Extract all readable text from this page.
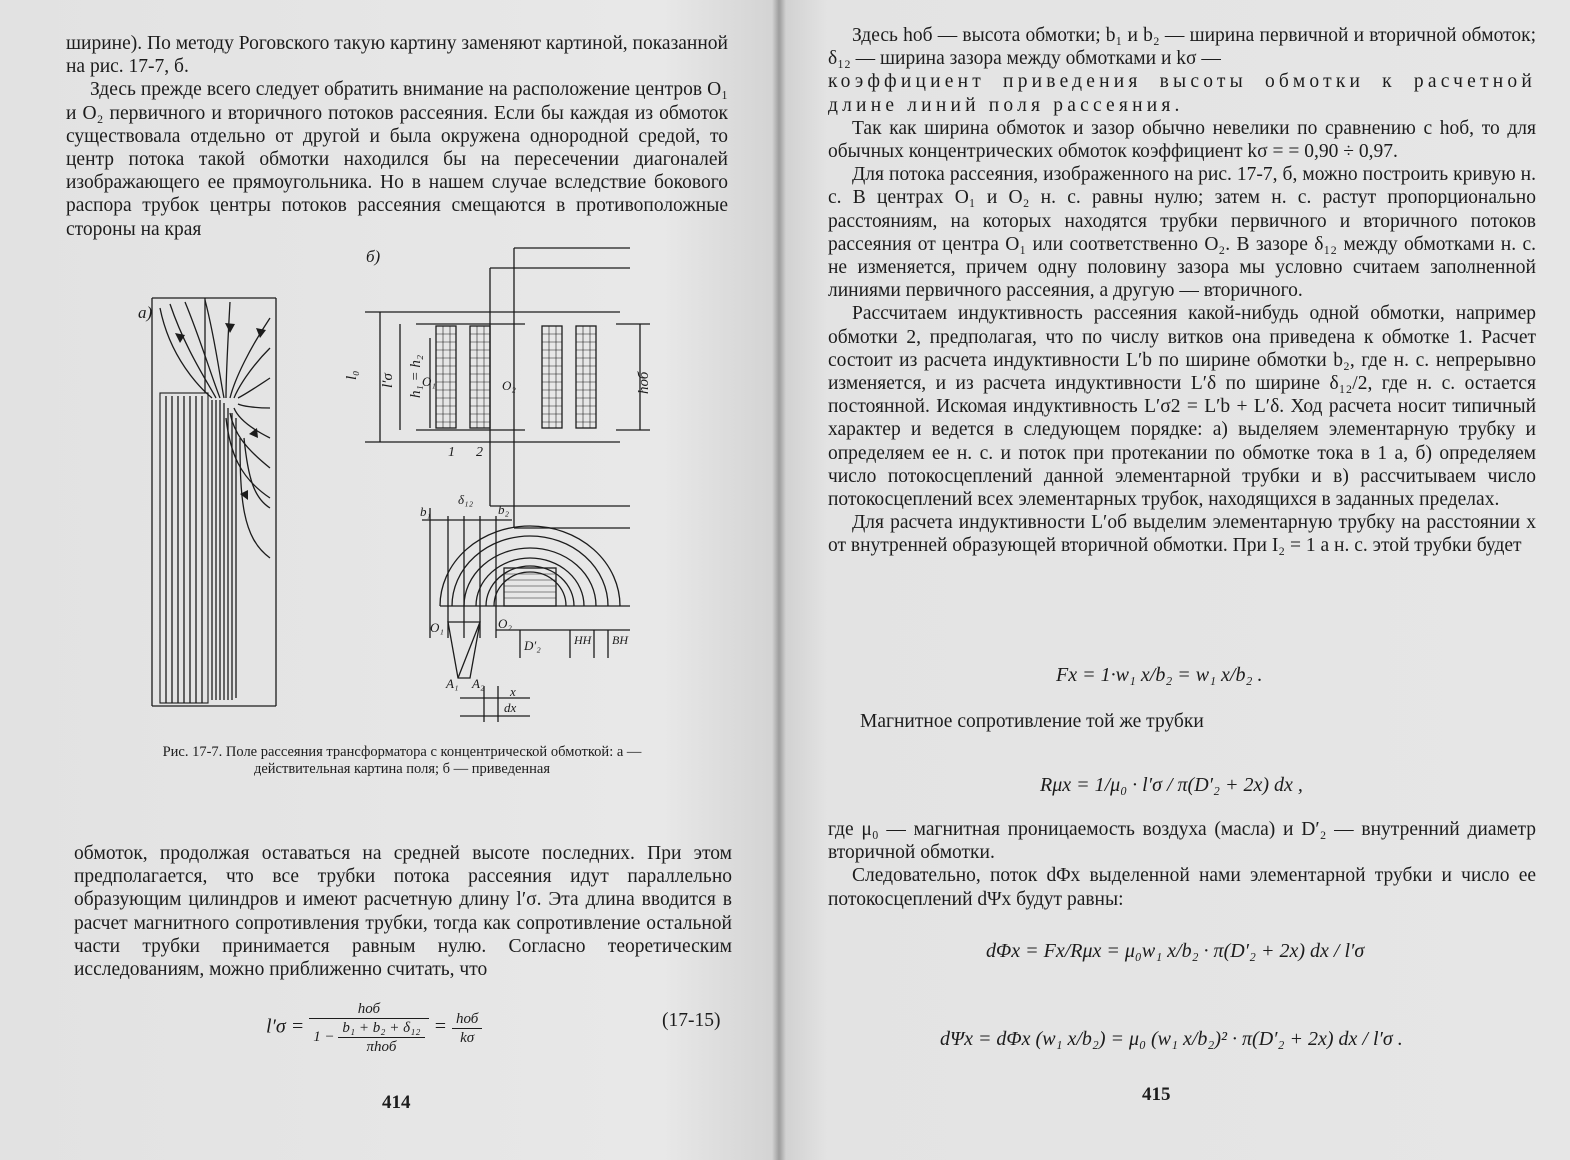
ширине). По методу Роговского такую картину заменяют картиной, показанной на рис. 17-7, б.

Здесь прежде всего следует обратить внимание на расположение центров O₁ и O₂ первичного и вторичного потоков рассеяния. Если бы каждая из обмоток существовала отдельно от другой и была окружена однородной средой, то центр потока такой обмотки находился бы на пересечении диагоналей изображающего ее прямоугольника. Но в нашем случае вследствие бокового распора трубок центры потоков рассеяния смещаются в противоположные стороны на края

а)
б)
l₀ l′σ h₁ = h₂	hоб
O₁	O₂
1 2
b₁
δ₁₂
b₂
O₁	O₂
D′₂	НН ВН
A₁ A₂
x
dx
Рис. 17-7. Поле рассеяния трансформатора с концентрической обмоткой: а — действительная картина поля; б — приведенная

обмоток, продолжая оставаться на средней высоте последних. При этом предполагается, что все трубки потока рассеяния идут параллельно образующим цилиндров и имеют расчетную длину l′σ. Эта длина вводится в расчет магнитного сопротивления трубки, тогда как сопротивление остальной части трубки принимается равным нулю. Согласно теоретическим исследованиям, можно приближенно считать, что

$l'\sigma = \frac{\text{hоб}}{1 - \frac{\text{b₁ + b₂ + δ₁₂}}{\text{πhоб}}} = \frac{\text{hоб}}{k\sigma}$	(17-15)
414

Здесь hоб — высота обмотки; b₁ и b₂ — ширина первичной и вторичной обмоток; δ₁₂ — ширина зазора между обмотками и kσ —

коэффициент приведения высоты обмотки к расчетной длине линий поля рассеяния.

Так как ширина обмоток и зазор обычно невелики по сравнению с hоб, то для обычных концентрических обмоток коэффициент kσ = = 0,90 ÷ 0,97.

Для потока рассеяния, изображенного на рис. 17-7, б, можно построить кривую н. с. В центрах O₁ и O₂ н. с. равны нулю; затем н. с. растут пропорционально расстояниям, на которых находятся трубки первичного и вторичного потоков рассеяния от центра O₁ или соответственно O₂. В зазоре δ₁₂ между обмотками н. с. не изменяется, причем одну половину зазора мы условно считаем заполненной линиями первичного рассеяния, а другую — вторичного.

Рассчитаем индуктивность рассеяния какой-нибудь одной обмотки, например обмотки 2, предполагая, что по числу витков она приведена к обмотке 1. Расчет состоит из расчета индуктивности L′b по ширине обмотки b₂, где н. с. непрерывно изменяется, и из расчета индуктивности L′δ по ширине δ₁₂/2, где н. с. остается постоянной. Искомая индуктивность L′σ2 = L′b + L′δ. Ход расчета носит типичный характер и ведется в следующем порядке: а) выделяем элементарную трубку и определяем ее н. с. и поток при протекании по обмотке тока в 1 а, б) определяем число потокосцеплений данной элементарной трубки и в) рассчитываем число потокосцеплений всех элементарных трубок, находящихся в заданных пределах.

Для расчета индуктивности L′об выделим элементарную трубку на расстоянии x от внутренней образующей вторичной обмотки. При I₂ = 1 а н. с. этой трубки будет

Fx = 1·w₁ x/b₂ = w₁ x/b₂ .

Магнитное сопротивление той же трубки

Rμx = 1/μ₀ · l′σ / π(D′₂ + 2x) dx ,

где μ₀ — магнитная проницаемость воздуха (масла) и D′₂ — внутренний диаметр вторичной обмотки.

Следовательно, поток dΦx выделенной нами элементарной трубки и число ее потокосцеплений dΨx будут равны:

dΦx = Fx/Rμx = μ₀w₁ x/b₂ · π(D′₂ + 2x) dx / l′σ
dΨx = dΦx (w₁ x/b₂) = μ₀ (w₁ x/b₂)² · π(D′₂ + 2x) dx / l′σ .
415
